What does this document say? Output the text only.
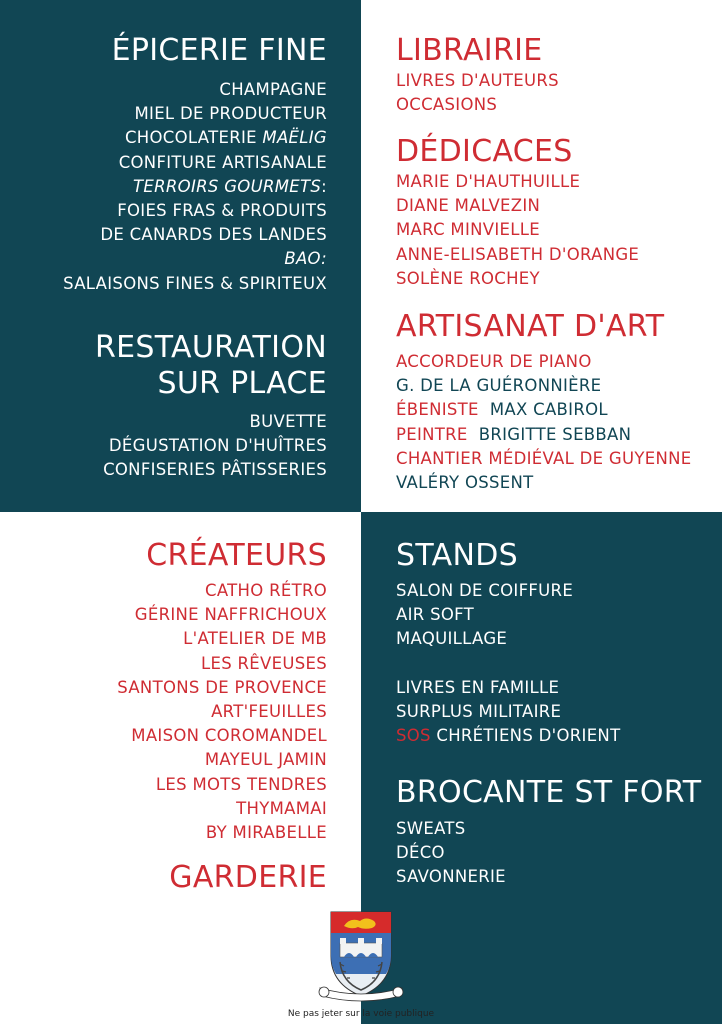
ÉPICERIE FINE
CHAMPAGNE
MIEL DE PRODUCTEUR
CHOCOLATERIE MAËLIG
CONFITURE ARTISANALE
TERROIRS GOURMETS:
FOIES FRAS & PRODUITS
DE CANARDS DES LANDES
BAO:
SALAISONS FINES & SPIRITEUX
RESTAURATION
SUR PLACE
BUVETTE
DÉGUSTATION D'HUÎTRES
CONFISERIES PÂTISSERIES
LIBRAIRIE
LIVRES D'AUTEURS
OCCASIONS
DÉDICACES
MARIE D'HAUTHUILLE
DIANE MALVEZIN
MARC MINVIELLE
ANNE-ELISABETH D'ORANGE
SOLÈNE ROCHEY
ARTISANAT D'ART
ACCORDEUR DE PIANO
G. DE LA GUÉRONNIÈRE
ÉBENISTE MAX CABIROL
PEINTRE BRIGITTE SEBBAN
CHANTIER MÉDIÉVAL DE GUYENNE
VALÉRY OSSENT
CRÉATEURS
CATHO RÉTRO
GÉRINE NAFFRICHOUX
L'ATELIER DE MB
LES RÊVEUSES
SANTONS DE PROVENCE
ART'FEUILLES
MAISON COROMANDEL
MAYEUL JAMIN
LES MOTS TENDRES
THYMAMAI
BY MIRABELLE
GARDERIE
STANDS
SALON DE COIFFURE
AIR SOFT
MAQUILLAGE
LIVRES EN FAMILLE
SURPLUS MILITAIRE
SOS CHRÉTIENS D'ORIENT
BROCANTE ST FORT
SWEATS
DÉCO
SAVONNERIE
Ne pas jeter sur la voie publique
